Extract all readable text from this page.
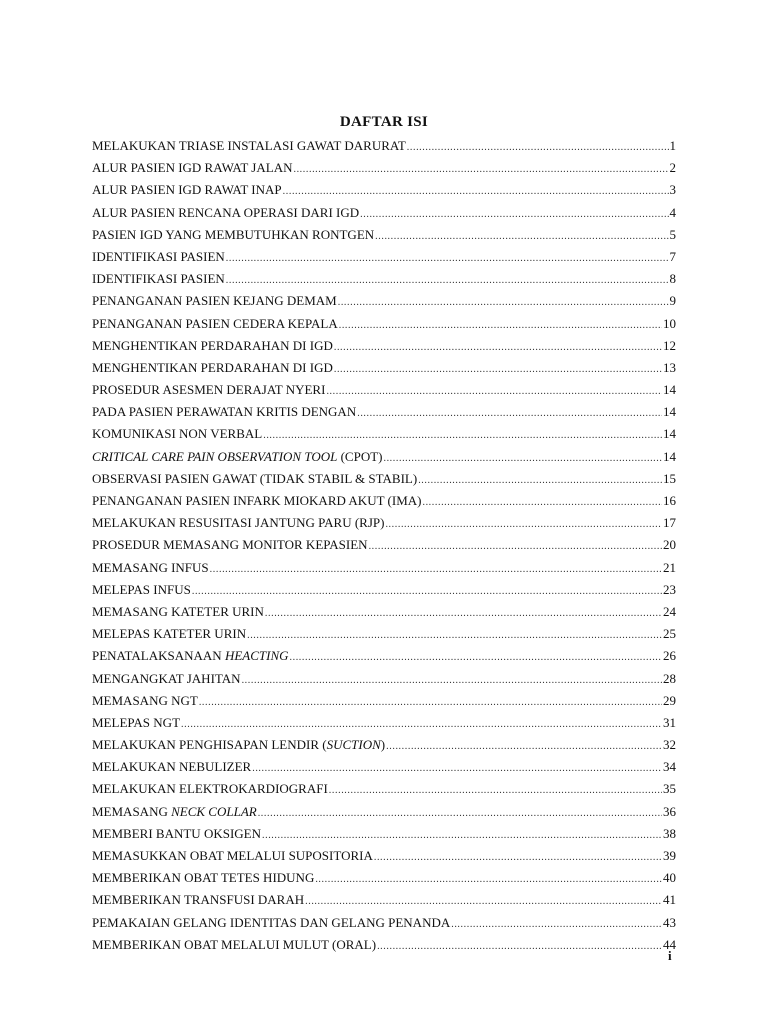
DAFTAR ISI
MELAKUKAN TRIASE INSTALASI GAWAT DARURAT .....	1
ALUR PASIEN IGD RAWAT JALAN .....	2
ALUR PASIEN IGD RAWAT INAP .....	3
ALUR PASIEN RENCANA OPERASI DARI IGD .....	4
PASIEN IGD YANG MEMBUTUHKAN RONTGEN .....	5
IDENTIFIKASI PASIEN .....	7
IDENTIFIKASI PASIEN .....	8
PENANGANAN PASIEN KEJANG DEMAM .....	9
PENANGANAN PASIEN CEDERA KEPALA .....	10
MENGHENTIKAN PERDARAHAN DI IGD .....	12
MENGHENTIKAN PERDARAHAN DI IGD .....	13
PROSEDUR ASESMEN DERAJAT NYERI .....	14
PADA PASIEN PERAWATAN KRITIS DENGAN .....	14
KOMUNIKASI NON VERBAL .....	14
CRITICAL CARE PAIN OBSERVATION TOOL (CPOT) .....	14
OBSERVASI PASIEN GAWAT (TIDAK STABIL & STABIL) .....	15
PENANGANAN PASIEN INFARK MIOKARD AKUT (IMA) .....	16
MELAKUKAN RESUSITASI JANTUNG PARU (RJP) .....	17
PROSEDUR MEMASANG MONITOR KEPASIEN .....	20
MEMASANG INFUS .....	21
MELEPAS INFUS .....	23
MEMASANG KATETER URIN .....	24
MELEPAS KATETER URIN .....	25
PENATALAKSANAAN HEACTING .....	26
MENGANGKAT JAHITAN .....	28
MEMASANG NGT .....	29
MELEPAS NGT .....	31
MELAKUKAN PENGHISAPAN LENDIR (SUCTION) .....	32
MELAKUKAN NEBULIZER .....	34
MELAKUKAN ELEKTROKARDIOGRAFI .....	35
MEMASANG NECK COLLAR .....	36
MEMBERI BANTU OKSIGEN .....	38
MEMASUKKAN OBAT MELALUI SUPOSITORIA .....	39
MEMBERIKAN OBAT TETES HIDUNG .....	40
MEMBERIKAN TRANSFUSI DARAH .....	41
PEMAKAIAN GELANG IDENTITAS DAN GELANG PENANDA .....	43
MEMBERIKAN OBAT MELALUI MULUT (ORAL) .....	44
i
